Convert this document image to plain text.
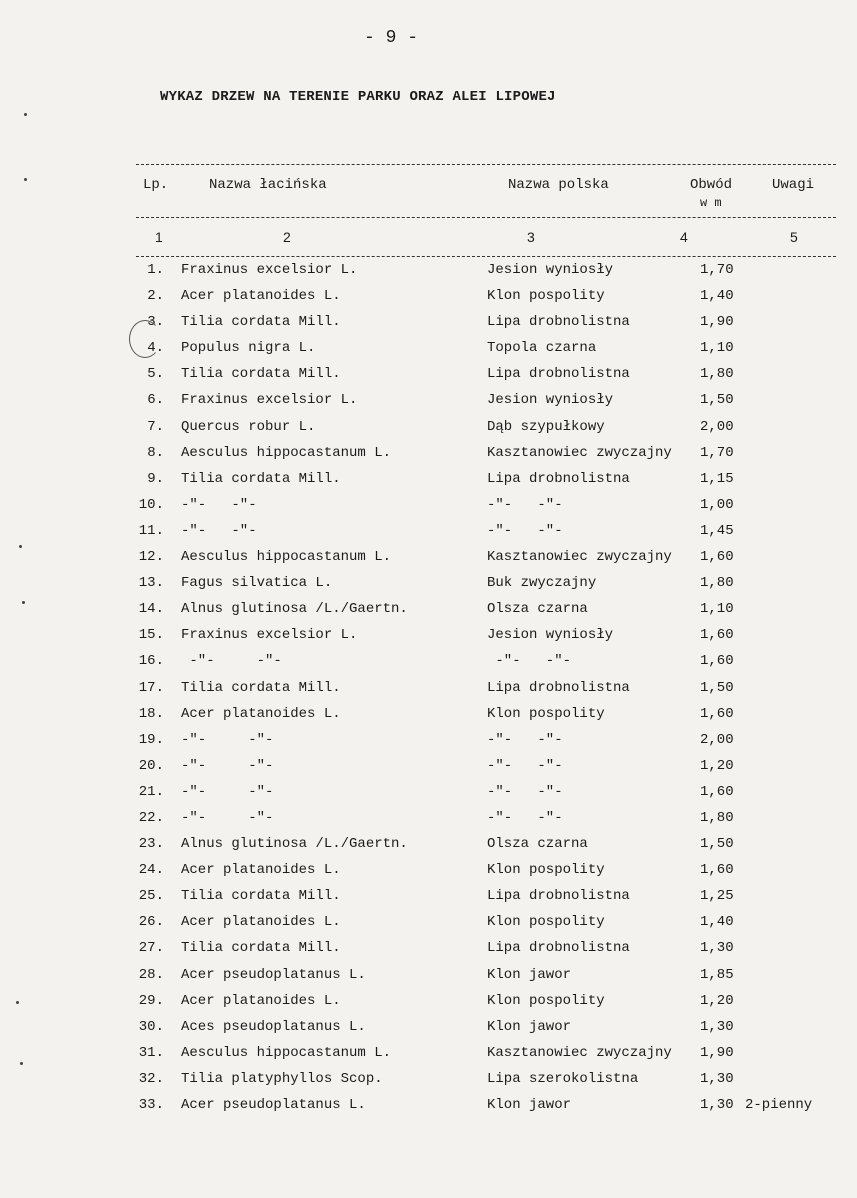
- 9 -
WYKAZ DRZEW NA TERENIE PARKU ORAZ ALEI LIPOWEJ
Lp.	Nazwa łacińska	Nazwa polska	Obwód
w m
Uwagi
1	2	3	4	5
1. Fraxinus excelsior L.	Jesion wyniosły	1,70
2. Acer platanoides L.	Klon pospolity	1,40
3. Tilia cordata Mill.	Lipa drobnolistna	1,90
4. Populus nigra L.	Topola czarna	1,10
5. Tilia cordata Mill.	Lipa drobnolistna	1,80
6. Fraxinus excelsior L.	Jesion wyniosły	1,50
7. Quercus robur L.	Dąb szypułkowy	2,00
8. Aesculus hippocastanum L.	Kasztanowiec zwyczajny 1,70
9. Tilia cordata Mill.	Lipa drobnolistna	1,15
10. -"-   -"-	-"-   -"-	1,00
11. -"-   -"-	-"-   -"-	1,45
12. Aesculus hippocastanum L.	Kasztanowiec zwyczajny 1,60
13. Fagus silvatica L.	Buk zwyczajny	1,80
14. Alnus glutinosa /L./Gaertn.	Olsza czarna	1,10
15. Fraxinus excelsior L.	Jesion wyniosły	1,60
16. -"-     -"-	-"-   -"-	1,60
17. Tilia cordata Mill.	Lipa drobnolistna	1,50
18. Acer platanoides L.	Klon pospolity	1,60
19. -"-     -"-	-"-   -"-	2,00
20. -"-     -"-	-"-   -"-	1,20
21. -"-     -"-	-"-   -"-	1,60
22. -"-     -"-	-"-   -"-	1,80
23. Alnus glutinosa /L./Gaertn.	Olsza czarna	1,50
24. Acer platanoides L.	Klon pospolity	1,60
25. Tilia cordata Mill.	Lipa drobnolistna	1,25
26. Acer platanoides L.	Klon pospolity	1,40
27. Tilia cordata Mill.	Lipa drobnolistna	1,30
28. Acer pseudoplatanus L.	Klon jawor	1,85
29. Acer platanoides L.	Klon pospolity	1,20
30. Aces pseudoplatanus L.	Klon jawor	1,30
31. Aesculus hippocastanum L.	Kasztanowiec zwyczajny 1,90
32. Tilia platyphyllos Scop.	Lipa szerokolistna	1,30
33. Acer pseudoplatanus L.	Klon jawor	1,30 2-pienny
